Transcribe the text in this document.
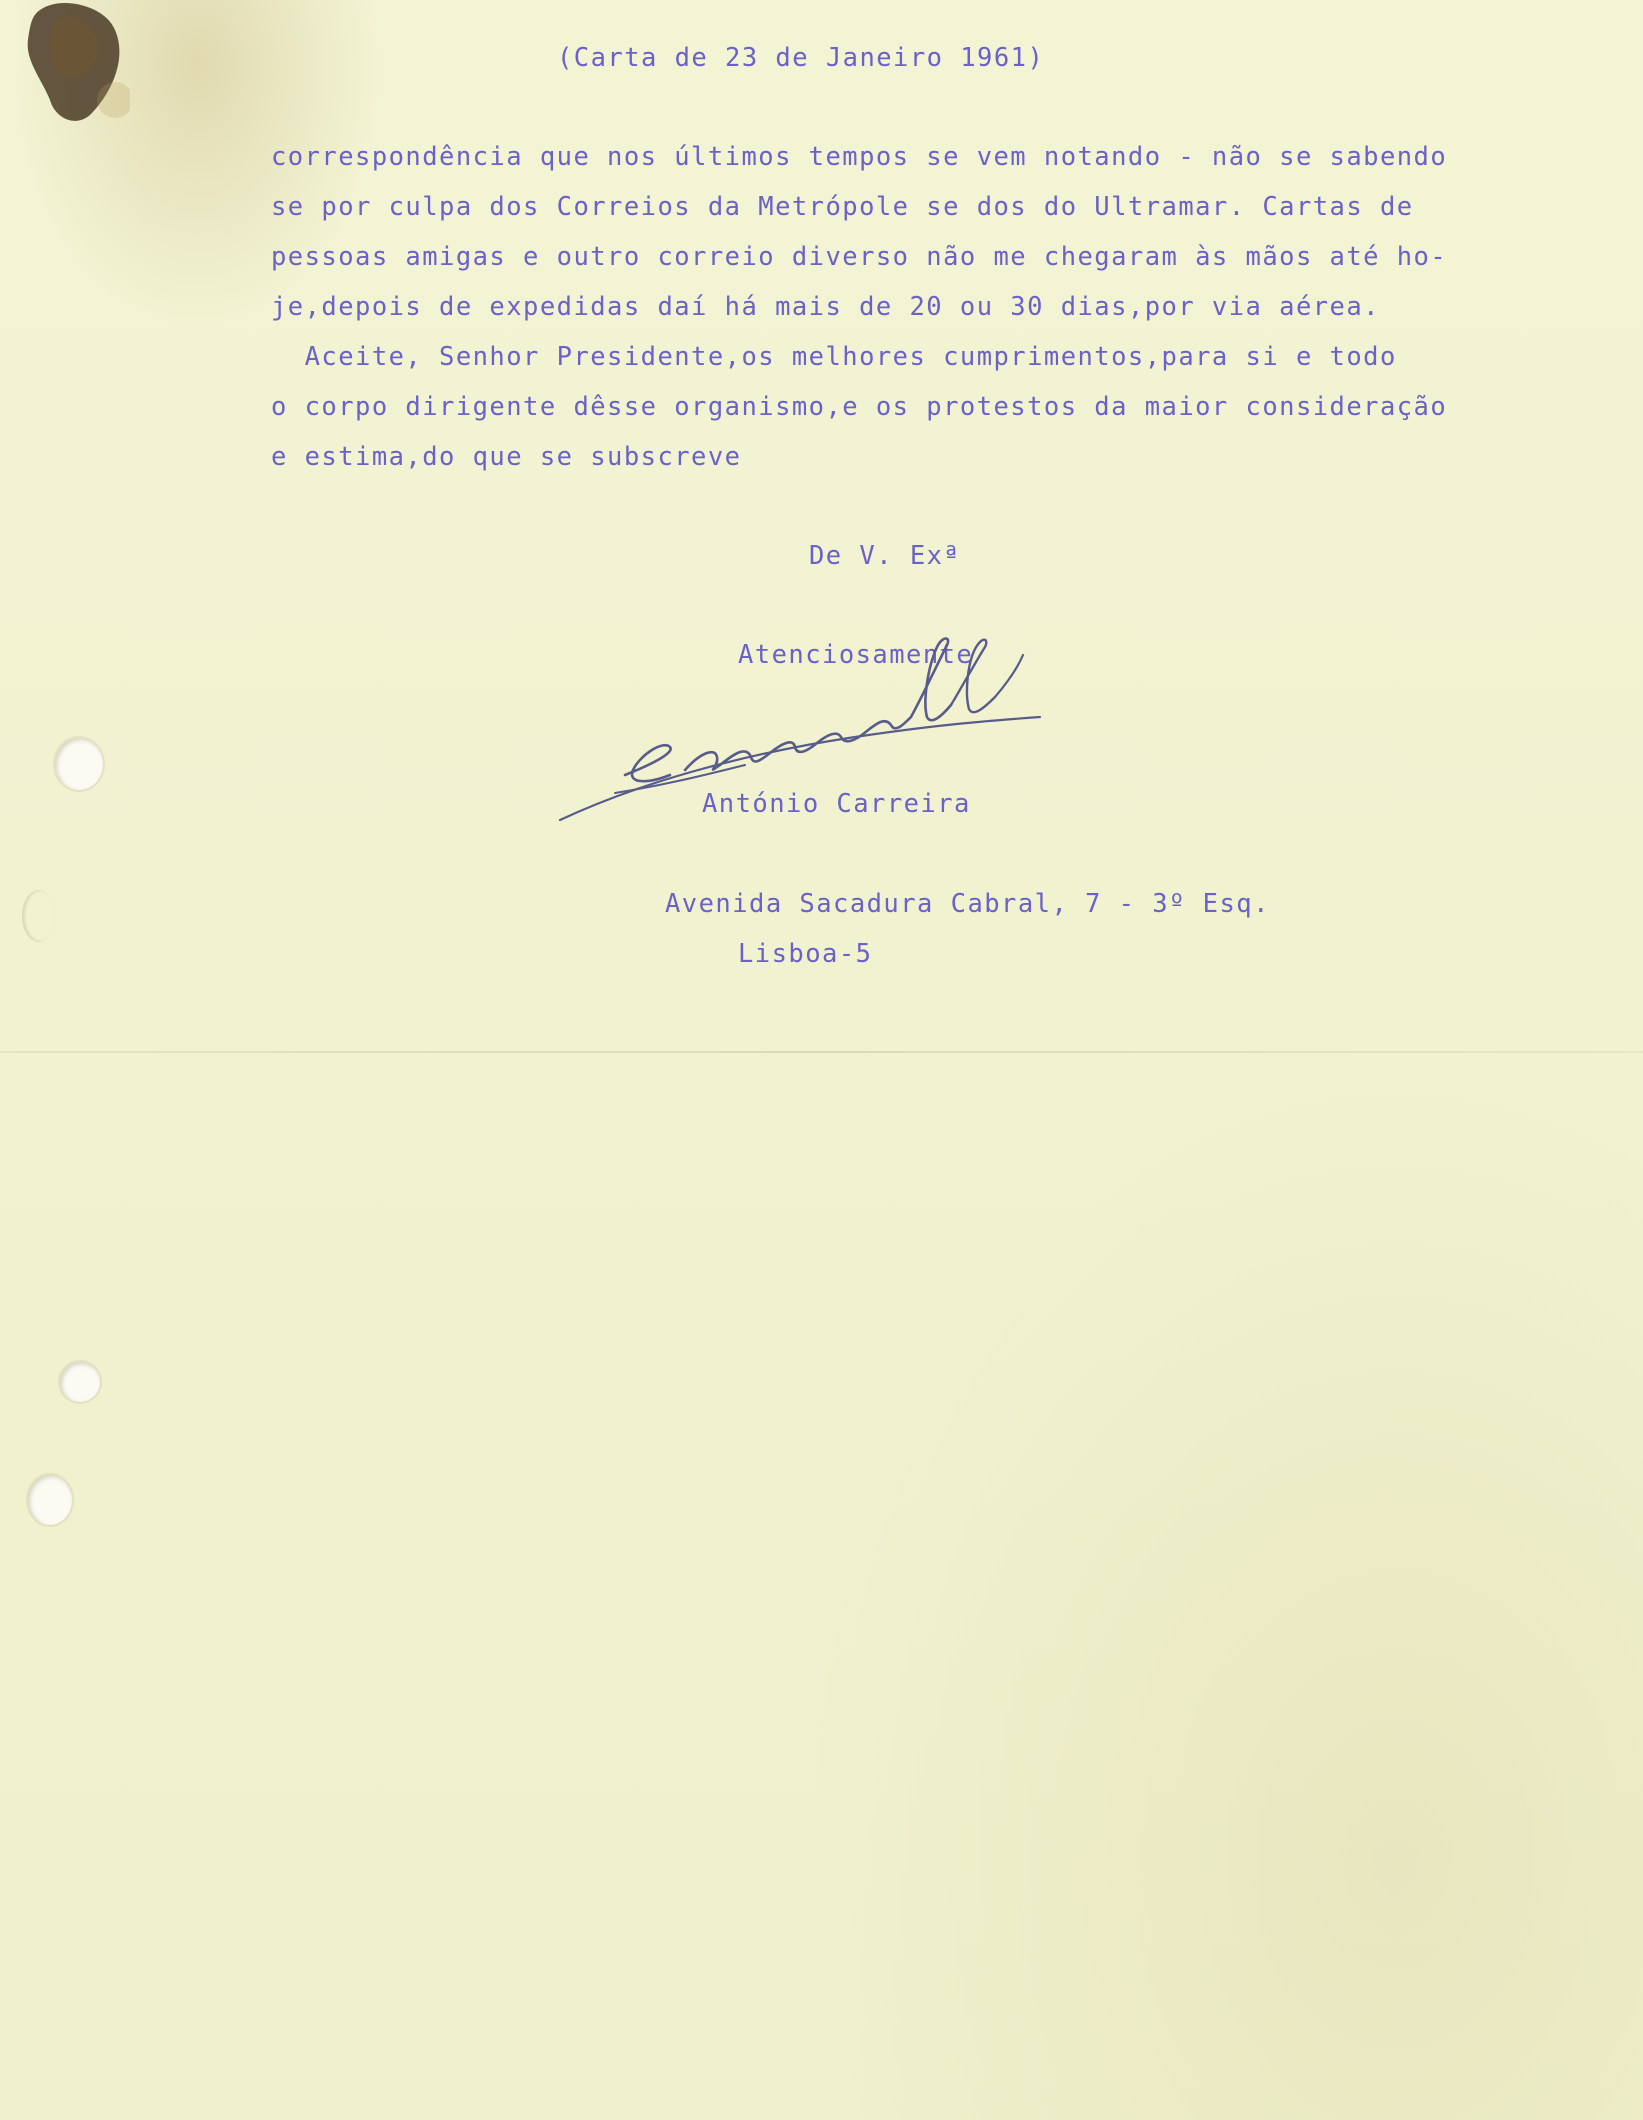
(Carta de 23 de Janeiro 1961)
correspondência que nos últimos tempos se vem notando - não se sabendo
se por culpa dos Correios da Metrópole se dos do Ultramar. Cartas de
pessoas amigas e outro correio diverso não me chegaram às mãos até ho-
je,depois de expedidas daí há mais de 20 ou 30 dias,por via aérea.
Aceite, Senhor Presidente,os melhores cumprimentos,para si e todo
o corpo dirigente dêsse organismo,e os protestos da maior consideração
e estima,do que se subscreve
De V. Exª
Atenciosamente
António Carreira
Avenida Sacadura Cabral, 7 - 3º Esq.
Lisboa-5
